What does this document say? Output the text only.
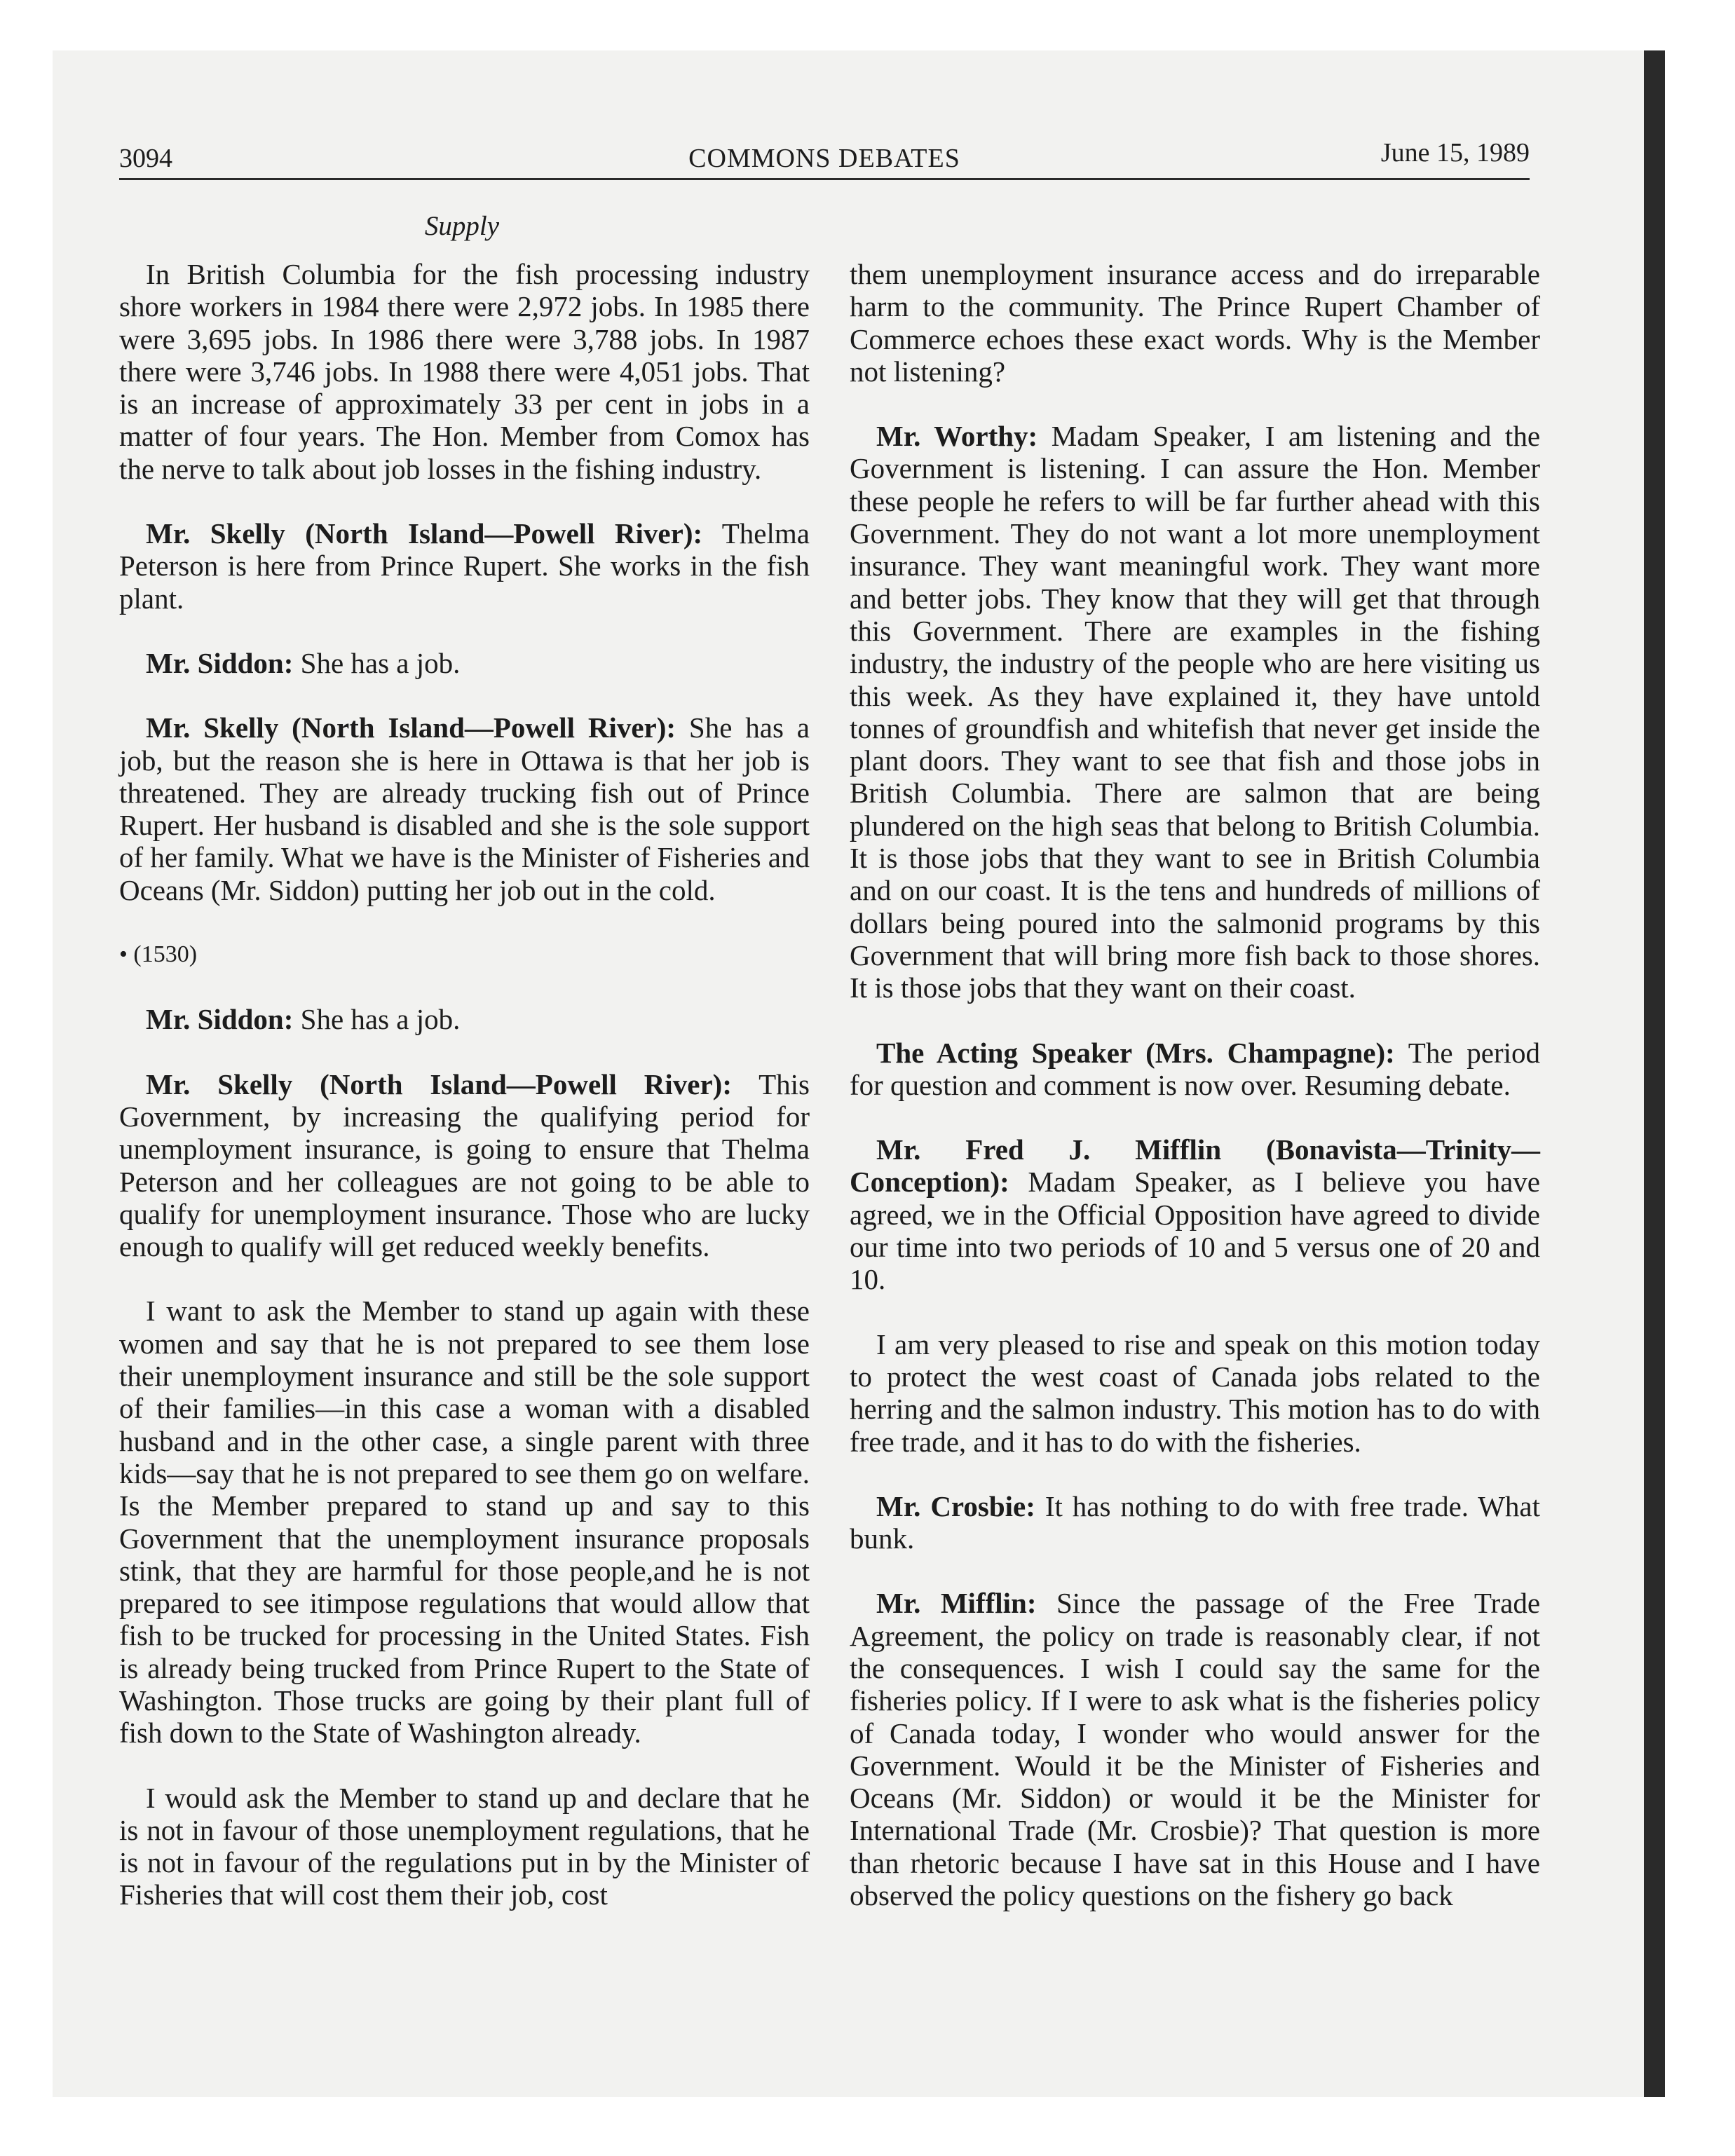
3094	COMMONS DEBATES	June 15, 1989
Supply

In British Columbia for the fish processing industry shore workers in 1984 there were 2,972 jobs. In 1985 there were 3,695 jobs. In 1986 there were 3,788 jobs. In 1987 there were 3,746 jobs. In 1988 there were 4,051 jobs. That is an increase of approximately 33 per cent in jobs in a matter of four years. The Hon. Member from Comox has the nerve to talk about job losses in the fishing industry.

Mr. Skelly (North Island—Powell River): Thelma Peterson is here from Prince Rupert. She works in the fish plant.

Mr. Siddon: She has a job.

Mr. Skelly (North Island—Powell River): She has a job, but the reason she is here in Ottawa is that her job is threatened. They are already trucking fish out of Prince Rupert. Her husband is disabled and she is the sole support of her family. What we have is the Minister of Fisheries and Oceans (Mr. Siddon) putting her job out in the cold.

• (1530)

Mr. Siddon: She has a job.

Mr. Skelly (North Island—Powell River): This Government, by increasing the qualifying period for unemployment insurance, is going to ensure that Thelma Peterson and her colleagues are not going to be able to qualify for unemployment insurance. Those who are lucky enough to qualify will get reduced weekly benefits.

I want to ask the Member to stand up again with these women and say that he is not prepared to see them lose their unemployment insurance and still be the sole support of their families—in this case a woman with a disabled husband and in the other case, a single parent with three kids—say that he is not prepared to see them go on welfare. Is the Member prepared to stand up and say to this Government that the unemployment insurance proposals stink, that they are harmful for those people,and he is not prepared to see itimpose regulations that would allow that fish to be trucked for processing in the United States. Fish is already being trucked from Prince Rupert to the State of Washington. Those trucks are going by their plant full of fish down to the State of Washington already.

I would ask the Member to stand up and declare that he is not in favour of those unemployment regulations, that he is not in favour of the regulations put in by the Minister of Fisheries that will cost them their job, cost

them unemployment insurance access and do irreparable harm to the community. The Prince Rupert Chamber of Commerce echoes these exact words. Why is the Member not listening?

Mr. Worthy: Madam Speaker, I am listening and the Government is listening. I can assure the Hon. Member these people he refers to will be far further ahead with this Government. They do not want a lot more unemployment insurance. They want meaningful work. They want more and better jobs. They know that they will get that through this Government. There are examples in the fishing industry, the industry of the people who are here visiting us this week. As they have explained it, they have untold tonnes of groundfish and whitefish that never get inside the plant doors. They want to see that fish and those jobs in British Columbia. There are salmon that are being plundered on the high seas that belong to British Columbia. It is those jobs that they want to see in British Columbia and on our coast. It is the tens and hundreds of millions of dollars being poured into the salmonid programs by this Government that will bring more fish back to those shores. It is those jobs that they want on their coast.

The Acting Speaker (Mrs. Champagne): The period for question and comment is now over. Resuming debate.

Mr. Fred J. Mifflin (Bonavista—Trinity—Conception): Madam Speaker, as I believe you have agreed, we in the Official Opposition have agreed to divide our time into two periods of 10 and 5 versus one of 20 and 10.

I am very pleased to rise and speak on this motion today to protect the west coast of Canada jobs related to the herring and the salmon industry. This motion has to do with free trade, and it has to do with the fisheries.

Mr. Crosbie: It has nothing to do with free trade. What bunk.

Mr. Mifflin: Since the passage of the Free Trade Agreement, the policy on trade is reasonably clear, if not the consequences. I wish I could say the same for the fisheries policy. If I were to ask what is the fisheries policy of Canada today, I wonder who would answer for the Government. Would it be the Minister of Fisheries and Oceans (Mr. Siddon) or would it be the Minister for International Trade (Mr. Crosbie)? That question is more than rhetoric because I have sat in this House and I have observed the policy questions on the fishery go back
